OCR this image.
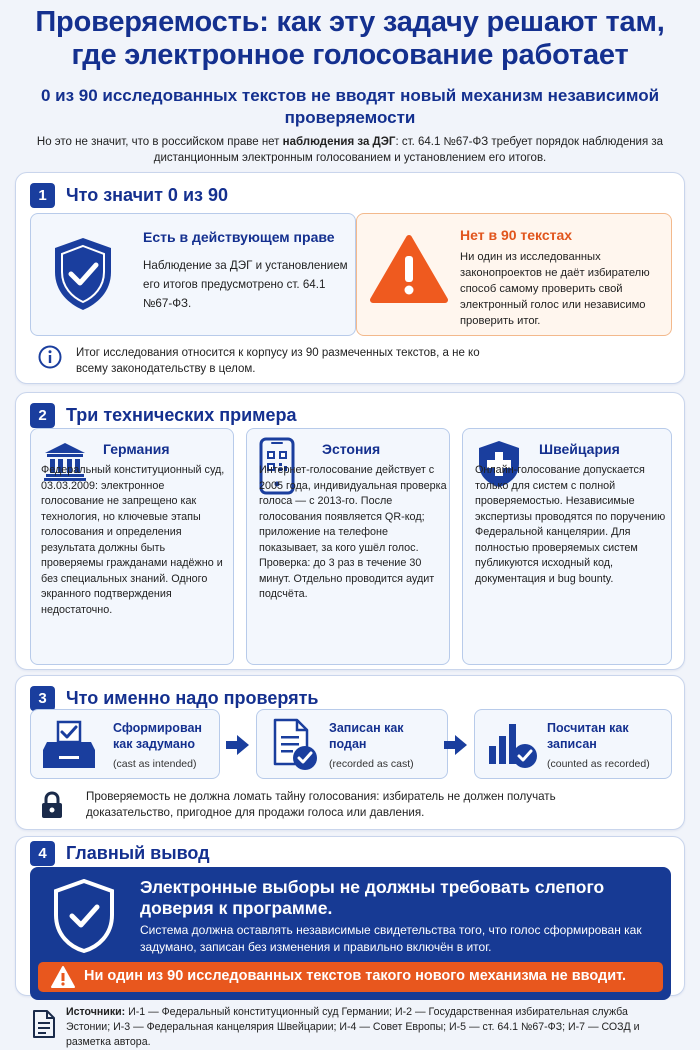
Проверяемость: как эту задачу решают там, где электронное голосование работает
0 из 90 исследованных текстов не вводят новый механизм независимой проверяемости
Но это не значит, что в российском праве нет наблюдения за ДЭГ: ст. 64.1 №67-ФЗ требует порядок наблюдения за дистанционным электронным голосованием и установлением его итогов.
1	Что значит 0 из 90
Есть в действующем праве
Наблюдение за ДЭГ и установлением его итогов предусмотрено ст. 64.1 №67-ФЗ.
Нет в 90 текстах
Ни один из исследованных законопроектов не даёт избирателю способ самому проверить свой электронный голос или независимо проверить итог.
Итог исследования относится к корпусу из 90 размеченных текстов, а не ко всему законодательству в целом.
2	Три технических примера
Германия
Федеральный конституционный суд, 03.03.2009: электронное голосование не запрещено как технология, но ключевые этапы голосования и определения результата должны быть проверяемы гражданами надёжно и без специальных знаний. Одного экранного подтверждения недостаточно.
Эстония
Интернет-голосование действует с 2005 года, индивидуальная проверка голоса — с 2013-го. После голосования появляется QR-код; приложение на телефоне показывает, за кого ушёл голос. Проверка: до 3 раз в течение 30 минут. Отдельно проводится аудит подсчёта.
Швейцария
Онлайн-голосование допускается только для систем с полной проверяемостью. Независимые экспертизы проводятся по поручению Федеральной канцелярии. Для полностью проверяемых систем публикуются исходный код, документация и bug bounty.
3	Что именно надо проверять
Сформирован как задумано
(cast as intended)
Записан как подан
(recorded as cast)
Посчитан как записан
(counted as recorded)
Проверяемость не должна ломать тайну голосования: избиратель не должен получать доказательство, пригодное для продажи голоса или давления.
4	Главный вывод
Электронные выборы не должны требовать слепого доверия к программе.
Система должна оставлять независимые свидетельства того, что голос сформирован как задумано, записан без изменения и правильно включён в итог.
Ни один из 90 исследованных текстов такого нового механизма не вводит.
Источники: И-1 — Федеральный конституционный суд Германии; И-2 — Государственная избирательная служба Эстонии; И-3 — Федеральная канцелярия Швейцарии; И-4 — Совет Европы; И-5 — ст. 64.1 №67-ФЗ; И-7 — СОЗД и разметка автора.
